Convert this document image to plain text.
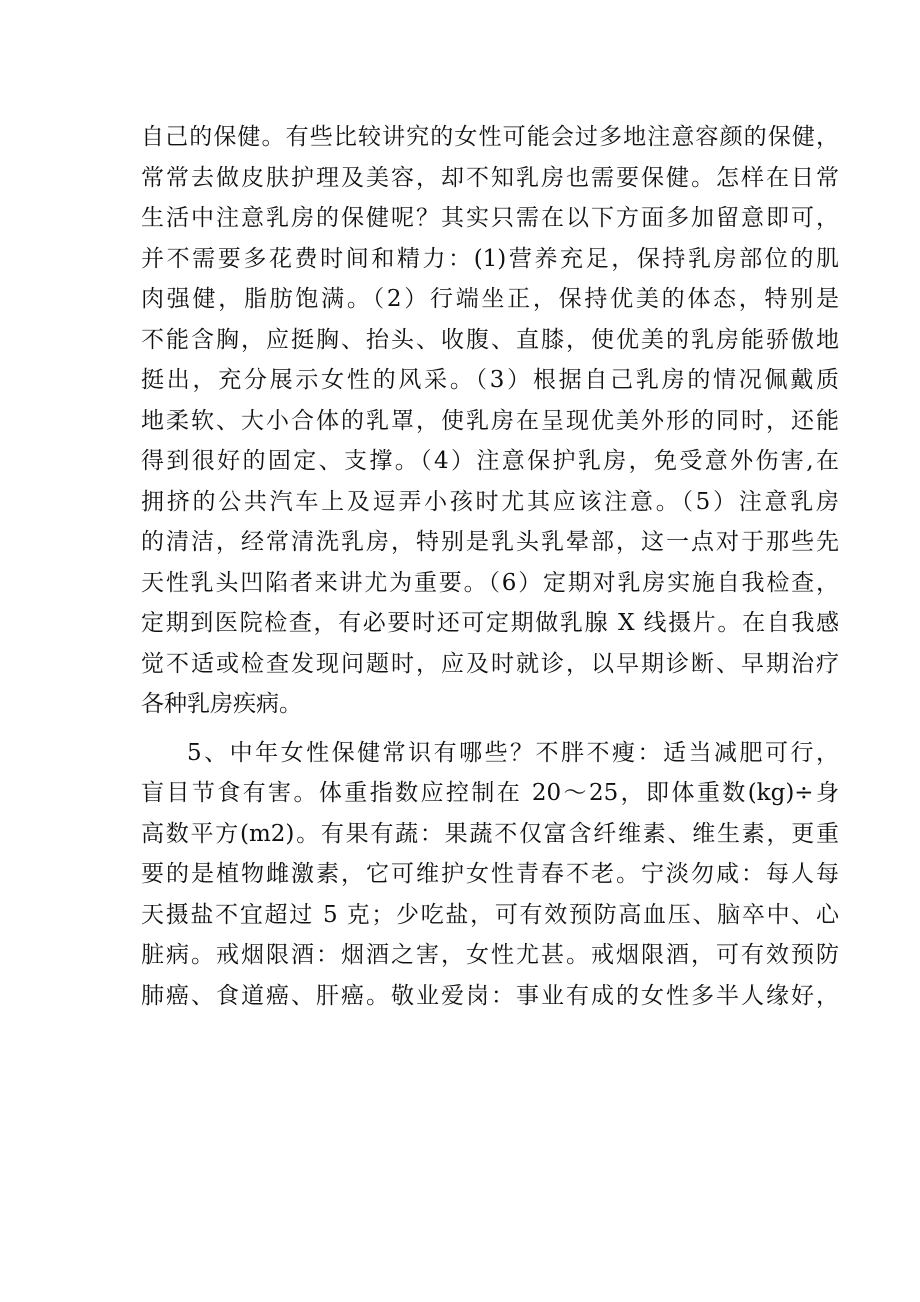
自己的保健。有些比较讲究的女性可能会过多地注意容颜的保健，
常常去做皮肤护理及美容，却不知乳房也需要保健。怎样在日常
生活中注意乳房的保健呢？其实只需在以下方面多加留意即可，
并不需要多花费时间和精力：(1)营养充足，保持乳房部位的肌
肉强健，脂肪饱满。（2）行端坐正，保持优美的体态，特别是
不能含胸，应挺胸、抬头、收腹、直膝，使优美的乳房能骄傲地
挺出，充分展示女性的风采。（3）根据自己乳房的情况佩戴质
地柔软、大小合体的乳罩，使乳房在呈现优美外形的同时，还能
得到很好的固定、支撑。（4）注意保护乳房，免受意外伤害,在
拥挤的公共汽车上及逗弄小孩时尤其应该注意。（5）注意乳房
的清洁，经常清洗乳房，特别是乳头乳晕部，这一点对于那些先
天性乳头凹陷者来讲尤为重要。（6）定期对乳房实施自我检查，
定期到医院检查，有必要时还可定期做乳腺 X 线摄片。在自我感
觉不适或检查发现问题时，应及时就诊，以早期诊断、早期治疗
各种乳房疾病。
5、中年女性保健常识有哪些？不胖不瘦：适当减肥可行，
盲目节食有害。体重指数应控制在 20～25，即体重数(kg)÷身
高数平方(m2)。有果有蔬：果蔬不仅富含纤维素、维生素，更重
要的是植物雌激素，它可维护女性青春不老。宁淡勿咸：每人每
天摄盐不宜超过 5 克；少吃盐，可有效预防高血压、脑卒中、心
脏病。戒烟限酒：烟酒之害，女性尤甚。戒烟限酒，可有效预防
肺癌、食道癌、肝癌。敬业爱岗：事业有成的女性多半人缘好，
